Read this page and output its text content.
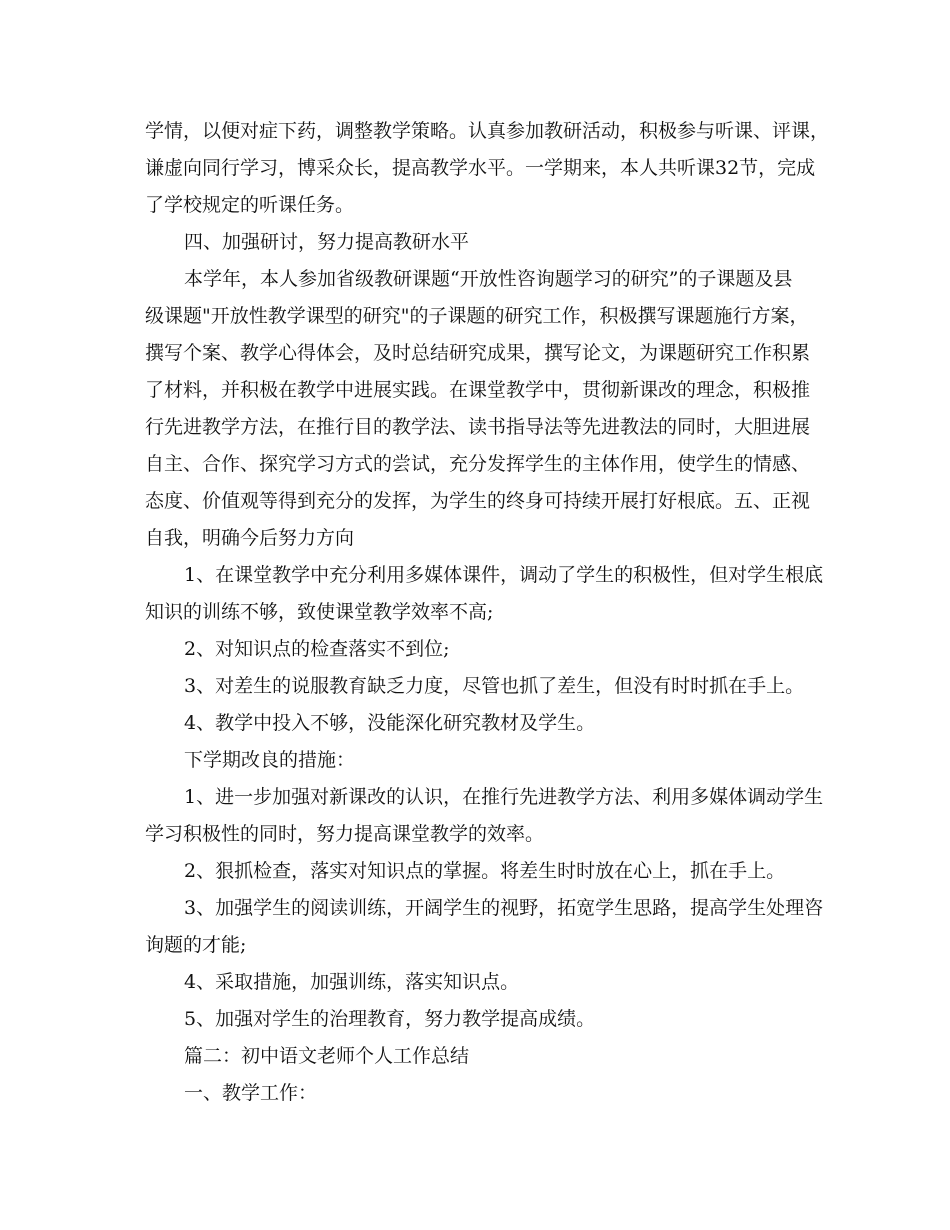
学情，以便对症下药，调整教学策略。认真参加教研活动，积极参与听课、评课，
谦虚向同行学习，博采众长，提高教学水平。一学期来，本人共听课32节，完成
了学校规定的听课任务。
四、加强研讨，努力提高教研水平
本学年，本人参加省级教研课题“开放性咨询题学习的研究”的子课题及县
级课题"开放性教学课型的研究"的子课题的研究工作，积极撰写课题施行方案，
撰写个案、教学心得体会，及时总结研究成果，撰写论文，为课题研究工作积累
了材料，并积极在教学中进展实践。在课堂教学中，贯彻新课改的理念，积极推
行先进教学方法，在推行目的教学法、读书指导法等先进教法的同时，大胆进展
自主、合作、探究学习方式的尝试，充分发挥学生的主体作用，使学生的情感、
态度、价值观等得到充分的发挥，为学生的终身可持续开展打好根底。五、正视
自我，明确今后努力方向
1、在课堂教学中充分利用多媒体课件，调动了学生的积极性，但对学生根底
知识的训练不够，致使课堂教学效率不高;
2、对知识点的检查落实不到位;
3、对差生的说服教育缺乏力度，尽管也抓了差生，但没有时时抓在手上。
4、教学中投入不够，没能深化研究教材及学生。
下学期改良的措施：
1、进一步加强对新课改的认识，在推行先进教学方法、利用多媒体调动学生
学习积极性的同时，努力提高课堂教学的效率。
2、狠抓检查，落实对知识点的掌握。将差生时时放在心上，抓在手上。
3、加强学生的阅读训练，开阔学生的视野，拓宽学生思路，提高学生处理咨
询题的才能;
4、采取措施，加强训练，落实知识点。
5、加强对学生的治理教育，努力教学提高成绩。
篇二：初中语文老师个人工作总结
一、教学工作：
